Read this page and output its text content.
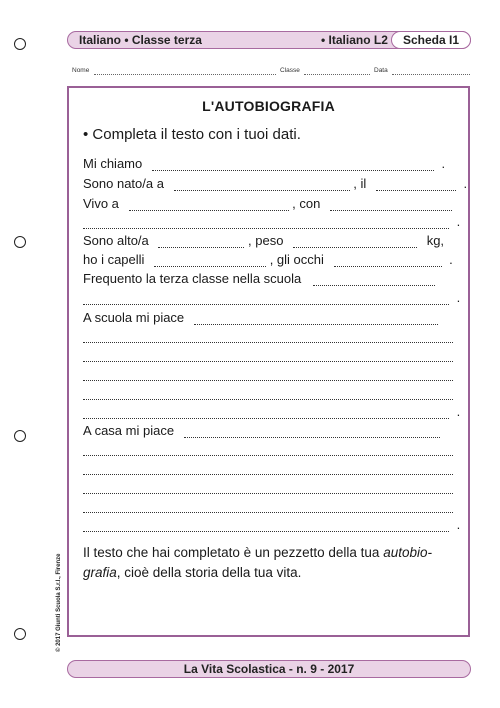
Italiano • Classe terza	• Italiano L2	Scheda I1
Nome	Classe	Data
L'AUTOBIOGRAFIA
• Completa il testo con i tuoi dati.
Mi chiamo	.
Sono nato/a a	, il	.
Vivo a	, con
.
Sono alto/a	, peso	kg,
ho i capelli	, gli occhi	.
Frequento la terza classe nella scuola
.
A scuola mi piace
.
A casa mi piace
.
Il testo che hai completato è un pezzetto della tua autobio-
grafia, cioè della storia della tua vita.
© 2017 Giunti Scuola S.r.l., Firenze
La Vita Scolastica - n. 9 - 2017
